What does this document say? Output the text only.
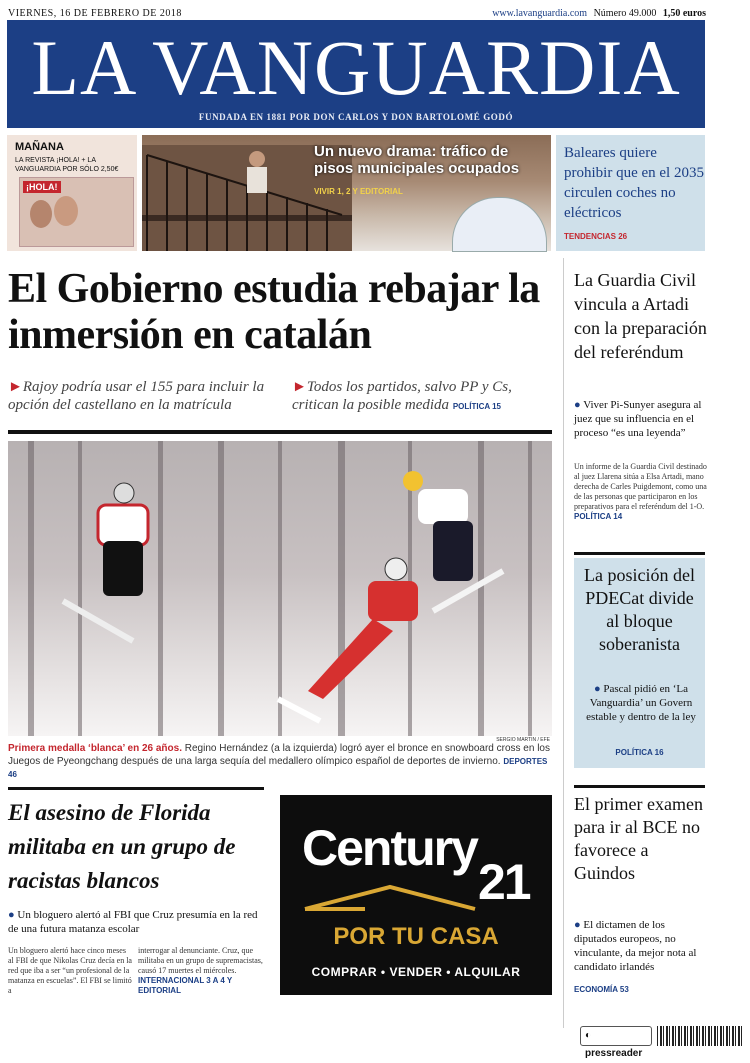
VIERNES, 16 DE FEBRERO DE 2018	www.lavanguardia.com Número 49.000 1,50 euros
LA VANGUARDIA
FUNDADA EN 1881 POR DON CARLOS Y DON BARTOLOMÉ GODÓ
MAÑANA
LA REVISTA ¡HOLA! + LA VANGUARDIA POR SÓLO 2,50€
¡HOLA!
Un nuevo drama: tráfico de pisos municipales ocupados
VIVIR 1, 2 Y EDITORIAL
Baleares quiere prohibir que en el 2035 circulen coches no eléctricos
TENDENCIAS 26
El Gobierno estudia rebajar la inmersión en catalán
►Rajoy podría usar el 155 para incluir la opción del castellano en la matrícula
►Todos los partidos, salvo PP y Cs, critican la posible medida POLÍTICA 15
SERGIO MARTIN / EFE
Primera medalla ‘blanca’ en 26 años. Regino Hernández (a la izquierda) logró ayer el bronce en snowboard cross en los Juegos de Pyeongchang después de una larga sequía del medallero olímpico español de deportes de invierno. DEPORTES 46
La Guardia Civil vincula a Artadi con la preparación del referéndum
● Viver Pi-Sunyer asegura al juez que su influencia en el proceso “es una leyenda”
Un informe de la Guardia Civil destinado al juez Llarena sitúa a Elsa Artadi, mano derecha de Carles Puigdemont, como una de las personas que participaron en los preparativos para el referéndum del 1-O. POLÍTICA 14
La posición del PDECat divide al bloque soberanista
● Pascal pidió en ‘La Vanguardia’ un Govern estable y dentro de la ley
POLÍTICA 16
El primer examen para ir al BCE no favorece a Guindos
● El dictamen de los diputados europeos, no vinculante, da mejor nota al candidato irlandés
ECONOMÍA 53
El asesino de Florida militaba en un grupo de racistas blancos
● Un bloguero alertó al FBI que Cruz presumía en la red de una futura matanza escolar
Un bloguero alertó hace cinco meses al FBI de que Nikolas Cruz decía en la red que iba a ser “un profesional de la matanza en escuelas”. El FBI se limitó a
interrogar al denunciante. Cruz, que militaba en un grupo de supremacistas, causó 17 muertes el miércoles. INTERNACIONAL 3 A 4 Y EDITORIAL
Century
21
POR TU CASA
COMPRAR • VENDER • ALQUILAR
◐ pressreader
